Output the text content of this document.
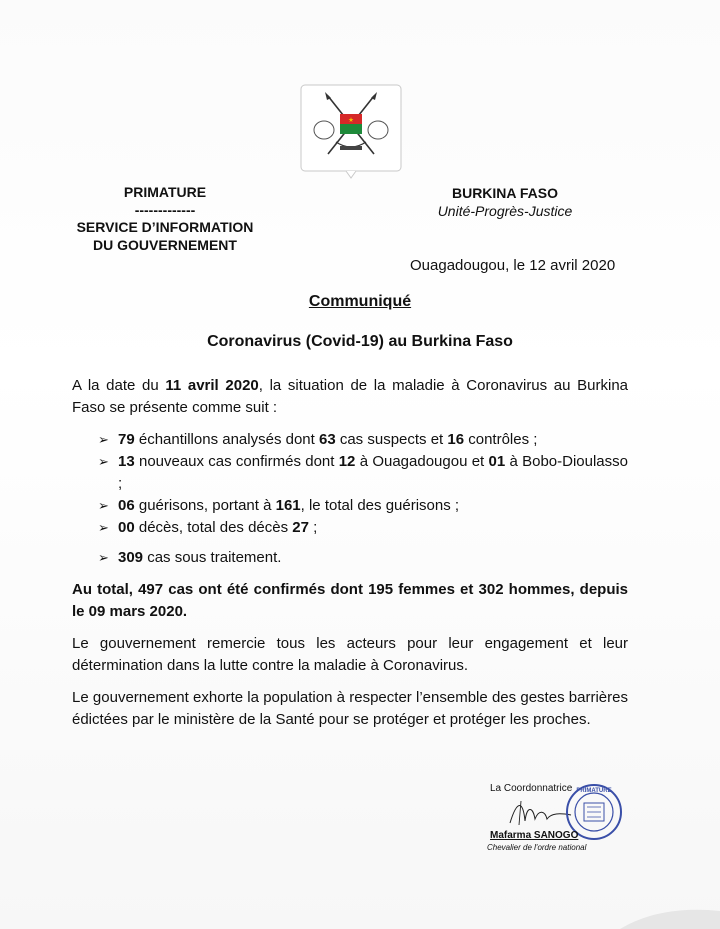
PRIMATURE
-------------
SERVICE D’INFORMATION
DU GOUVERNEMENT
BURKINA FASO
Unité-Progrès-Justice
Ouagadougou, le 12 avril 2020
Communiqué
Coronavirus (Covid-19) au Burkina Faso

A la date du 11 avril 2020, la situation de la maladie à Coronavirus au Burkina Faso se présente comme suit :

➢ 79 échantillons analysés dont 63 cas suspects et 16 contrôles ;
➢ 13 nouveaux cas confirmés dont 12 à Ouagadougou et 01 à Bobo-Dioulasso ;
➢ 06 guérisons, portant à 161, le total des guérisons ;
➢ 00 décès, total des décès 27 ;
➢ 309 cas sous traitement.

Au total, 497 cas ont été confirmés dont 195 femmes et 302 hommes, depuis le 09 mars 2020.

Le gouvernement remercie tous les acteurs pour leur engagement et leur détermination dans la lutte contre la maladie à Coronavirus.

Le gouvernement exhorte la population à respecter l’ensemble des gestes barrières édictées par le ministère de la Santé pour se protéger et protéger les proches.

La Coordonnatrice PRIMATURE
Mafarma SANOGO
Chevalier de l'ordre national
